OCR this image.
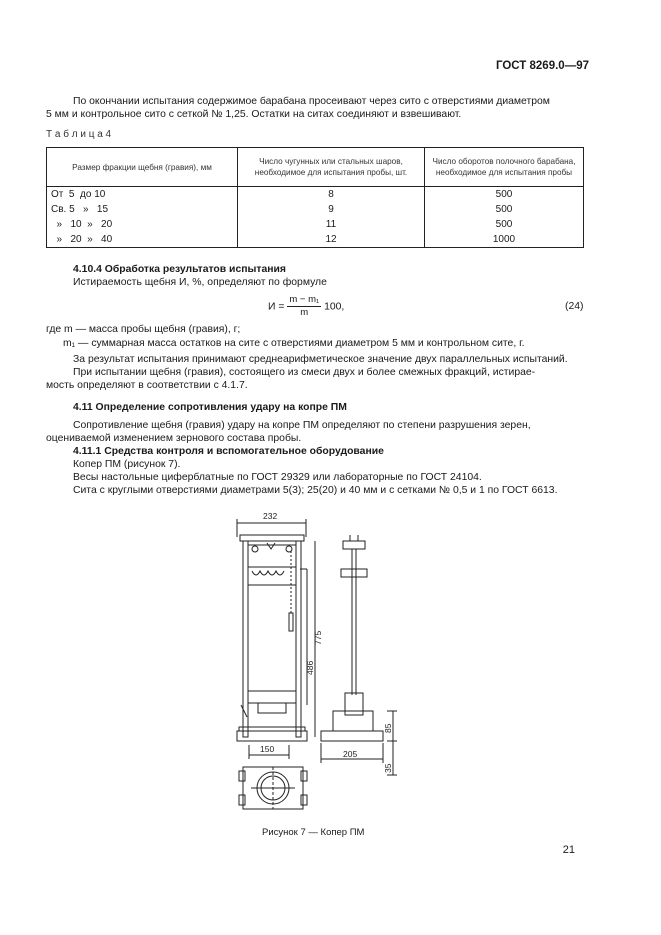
ГОСТ 8269.0—97
По окончании испытания содержимое барабана просеивают через сито с отверстиями диаметром
5 мм и контрольное сито с сеткой № 1,25. Остатки на ситах соединяют и взвешивают.
Т а б л и ц а 4
Размер фракции щебня (гравия), мм	Число чугунных или стальных шаров, необходимое для испытания пробы, шт.	Число оборотов полочного барабана, необходимое для испытания пробы
От  5  до 10	8	500
Св. 5   »   15	9	500
»   10  »   20	11	500
»   20  »   40	12	1000
4.10.4 Обработка результатов испытания
Истираемость щебня И, %, определяют по формуле
$И = \frac{\text{m − m₁}}{m} 100$,	(24)
где m — масса пробы щебня (гравия), г;
m₁ — суммарная масса остатков на сите с отверстиями диаметром 5 мм и контрольном сите, г.
За результат испытания принимают среднеарифметическое значение двух параллельных испытаний.
При испытании щебня (гравия), состоящего из смеси двух и более смежных фракций, истирае-
мость определяют в соответствии с 4.1.7.
4.11 Определение сопротивления удару на копре ПМ
Сопротивление щебня (гравия) удару на копре ПМ определяют по степени разрушения зерен,
оцениваемой изменением зернового состава пробы.
4.11.1 Средства контроля и вспомогательное оборудование
Копер ПМ (рисунок 7).
Весы настольные циферблатные по ГОСТ 29329 или лабораторные по ГОСТ 24104.
Сита с круглыми отверстиями диаметрами 5(3); 25(20) и 40 мм и с сетками № 0,5 и 1 по ГОСТ 6613.
232
486
775
85
35
205
150
Рисунок 7 — Копер ПМ
21
